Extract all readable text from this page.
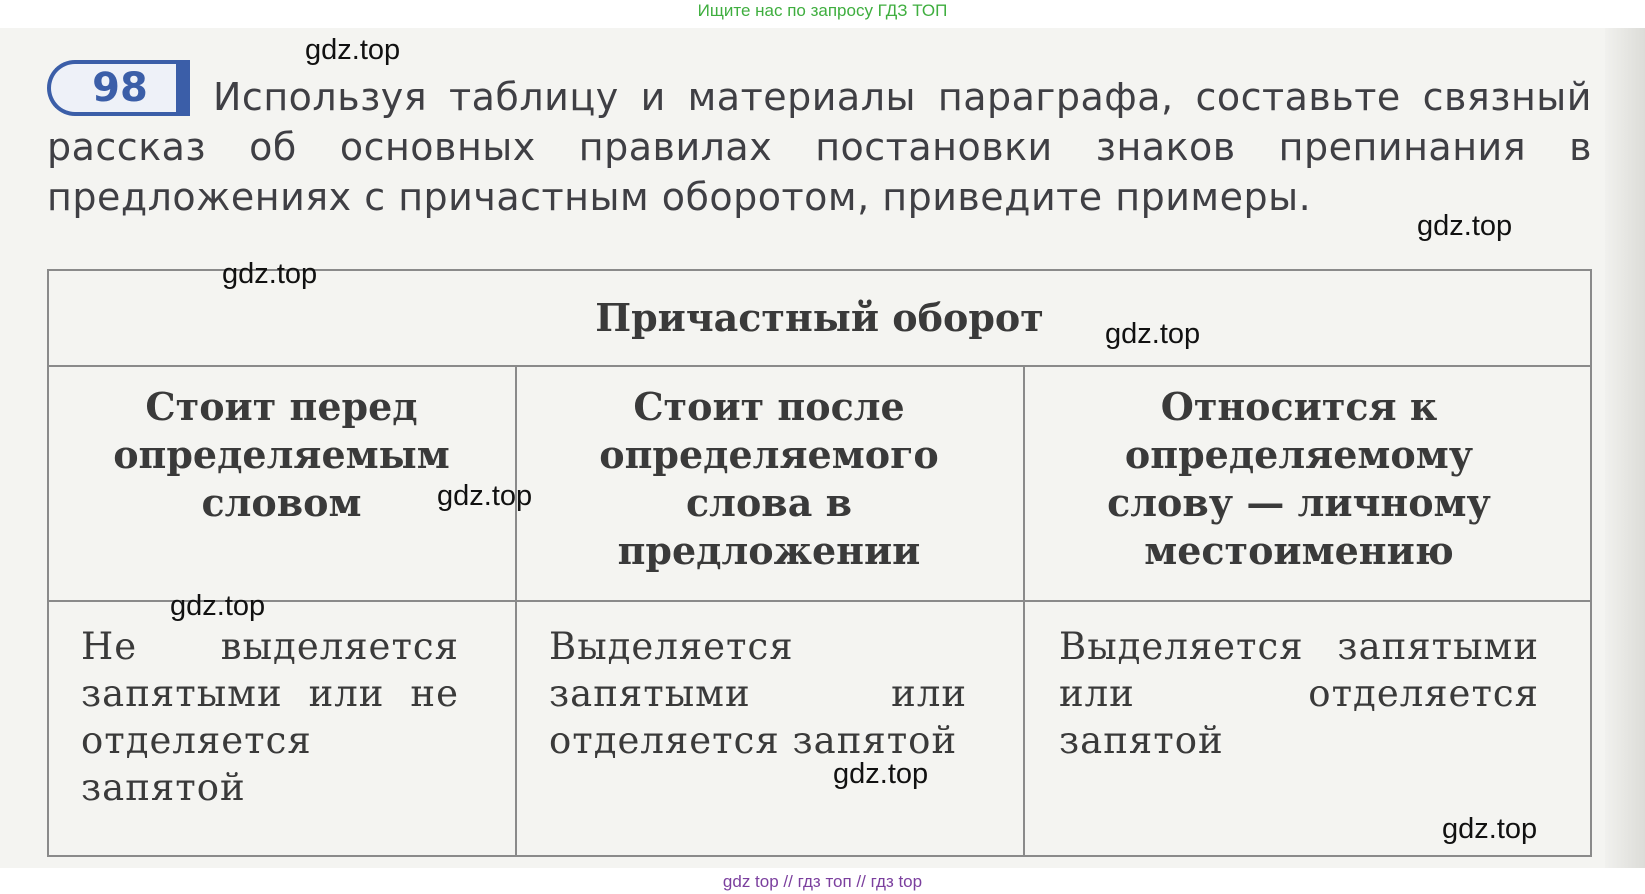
Ищите нас по запросу ГДЗ ТОП
98	Используя таблицу и материалы параграфа, составьте связный рассказ об основных правилах постановки знаков препинания в предложениях с причастным оборотом, приведите примеры.
Причастный оборот
Стоит перед определяемым словом
Стоит после определяемого слова в предложении
Относится к определяемому слову — личному местоимению
Не выделяется запятыми или не отделяется запятой
Выделяется запятыми или отделяется запятой
Выделяется запятыми или отделяется запятой
gdz.top
gdz.top
gdz.top
gdz.top
gdz.top
gdz.top
gdz.top
gdz.top
gdz top // гдз топ // гдз top
